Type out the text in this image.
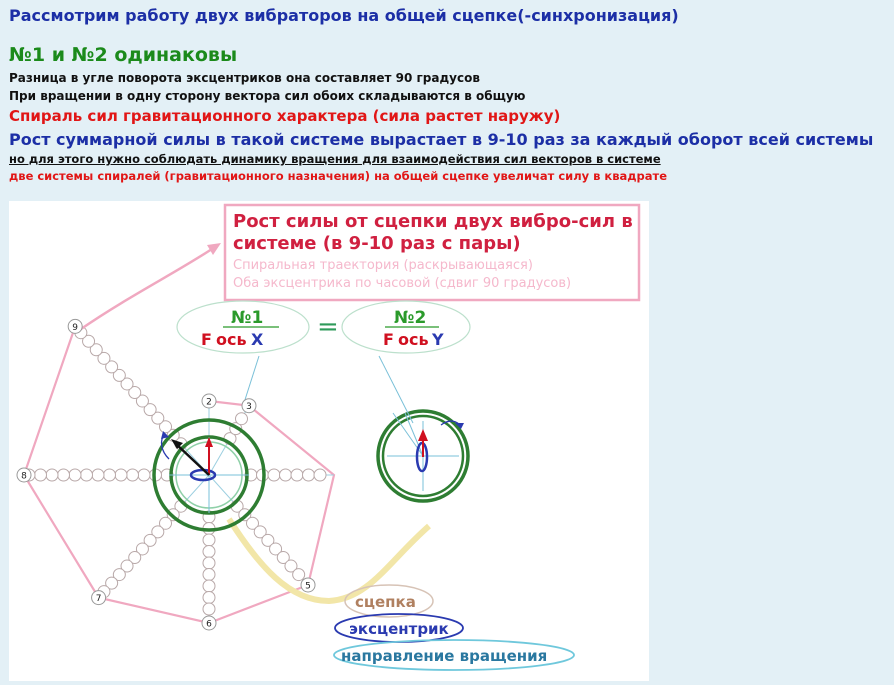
Рассмотрим работу двух вибраторов на общей сцепке(-синхронизация)

№1 и №2 одинаковы

Разница в угле поворота эксцентриков она составляет 90 градусов

При вращении в одну сторону вектора сил обоих складываются в общую

Спираль сил гравитационного характера (сила растет наружу)

Рост суммарной силы в такой системе вырастает в 9-10 раз за каждый оборот всей системы

но для этого нужно соблюдать динамику вращения для взаимодействия сил векторов в системе

две системы спиралей (гравитационного назначения) на общей сцепке увеличат силу в квадрате

Рост силы от сцепки двух вибро-сил в
системе (в 9-10 раз с пары)
Спиральная траектория (раскрывающаяся)
Оба эксцентрика по часовой (сдвиг 90 градусов)
№1
F ось X =	№2
F ось Y
сцепка
эксцентрик
направление вращения
2	3
5
6
7
8
9
